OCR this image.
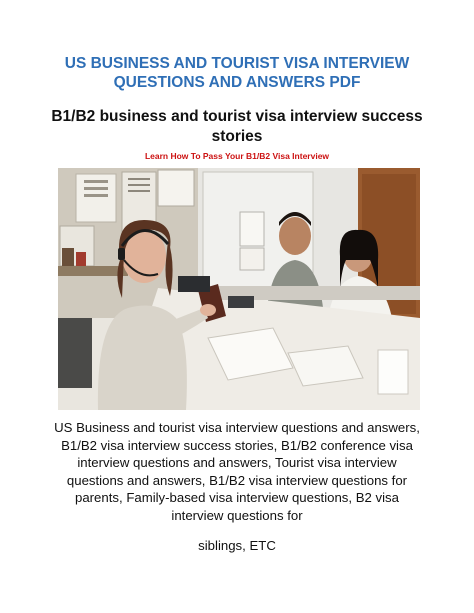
US BUSINESS AND TOURIST VISA INTERVIEW QUESTIONS AND ANSWERS PDF
B1/B2 business and tourist visa interview success stories
Learn How To Pass Your B1/B2 Visa Interview

US Business and tourist visa interview questions and answers, B1/B2 visa interview success stories, B1/B2 conference visa interview questions and answers, Tourist visa interview questions and answers, B1/B2 visa interview questions for parents, Family-based visa interview questions, B2 visa interview questions for

siblings, ETC
